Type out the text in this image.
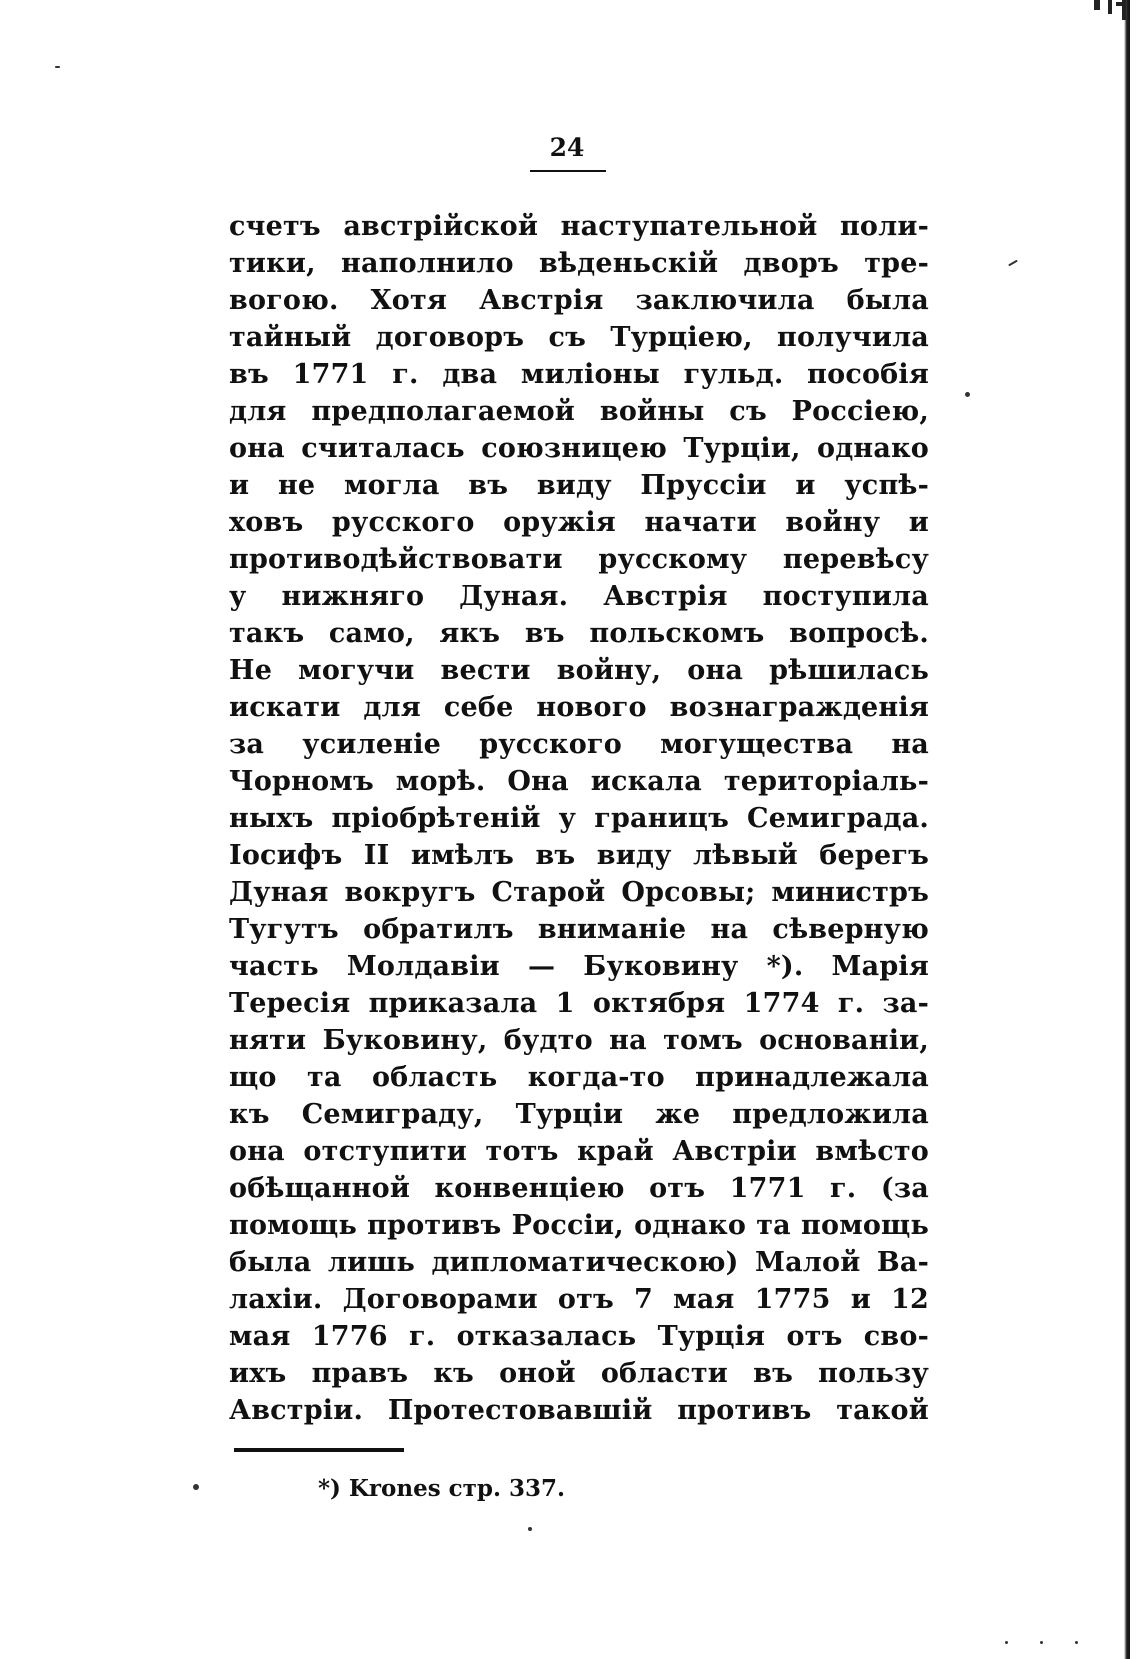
24
счетъ австрійской наступательной поли-
тики, наполнило вѣденьскій дворъ тре-
вогою. Хотя Австрія заключила была
тайный договоръ съ Турціею, получила
въ 1771 г. два миліоны гульд. пособія
для предполагаемой войны съ Россіею,
она считалась союзницею Турціи, однако
и не могла въ виду Пруссіи и успѣ-
ховъ русского оружія начати войну и
противодѣйствовати русскому перевѣсу
у нижняго Дуная. Австрія поступила
такъ само, якъ въ польскомъ вопросѣ.
Не могучи вести войну, она рѣшилась
искати для себе нового вознагражденія
за усиленіе русского могущества на
Чорномъ морѣ. Она искала територіаль-
ныхъ пріобрѣтеній у границъ Семиграда.
Іосифъ II имѣлъ въ виду лѣвый берегъ
Дуная вокругъ Старой Орсовы; министръ
Тугутъ обратилъ вниманіе на сѣверную
часть Молдавіи — Буковину *). Марія
Тересія приказала 1 октября 1774 г. за-
няти Буковину, будто на томъ основаніи,
що та область когда-то принадлежала
къ Семиграду, Турціи же предложила
она отступити тотъ край Австріи вмѣсто
обѣщанной конвенціею отъ 1771 г. (за
помощь противъ Россіи, однако та помощь
была лишь дипломатическою) Малой Ва-
лахіи. Договорами отъ 7 мая 1775 и 12
мая 1776 г. отказалась Турція отъ сво-
ихъ правъ къ оной области въ пользу
Австріи. Протестовавшій противъ такой
*) Krones стр. 337.
